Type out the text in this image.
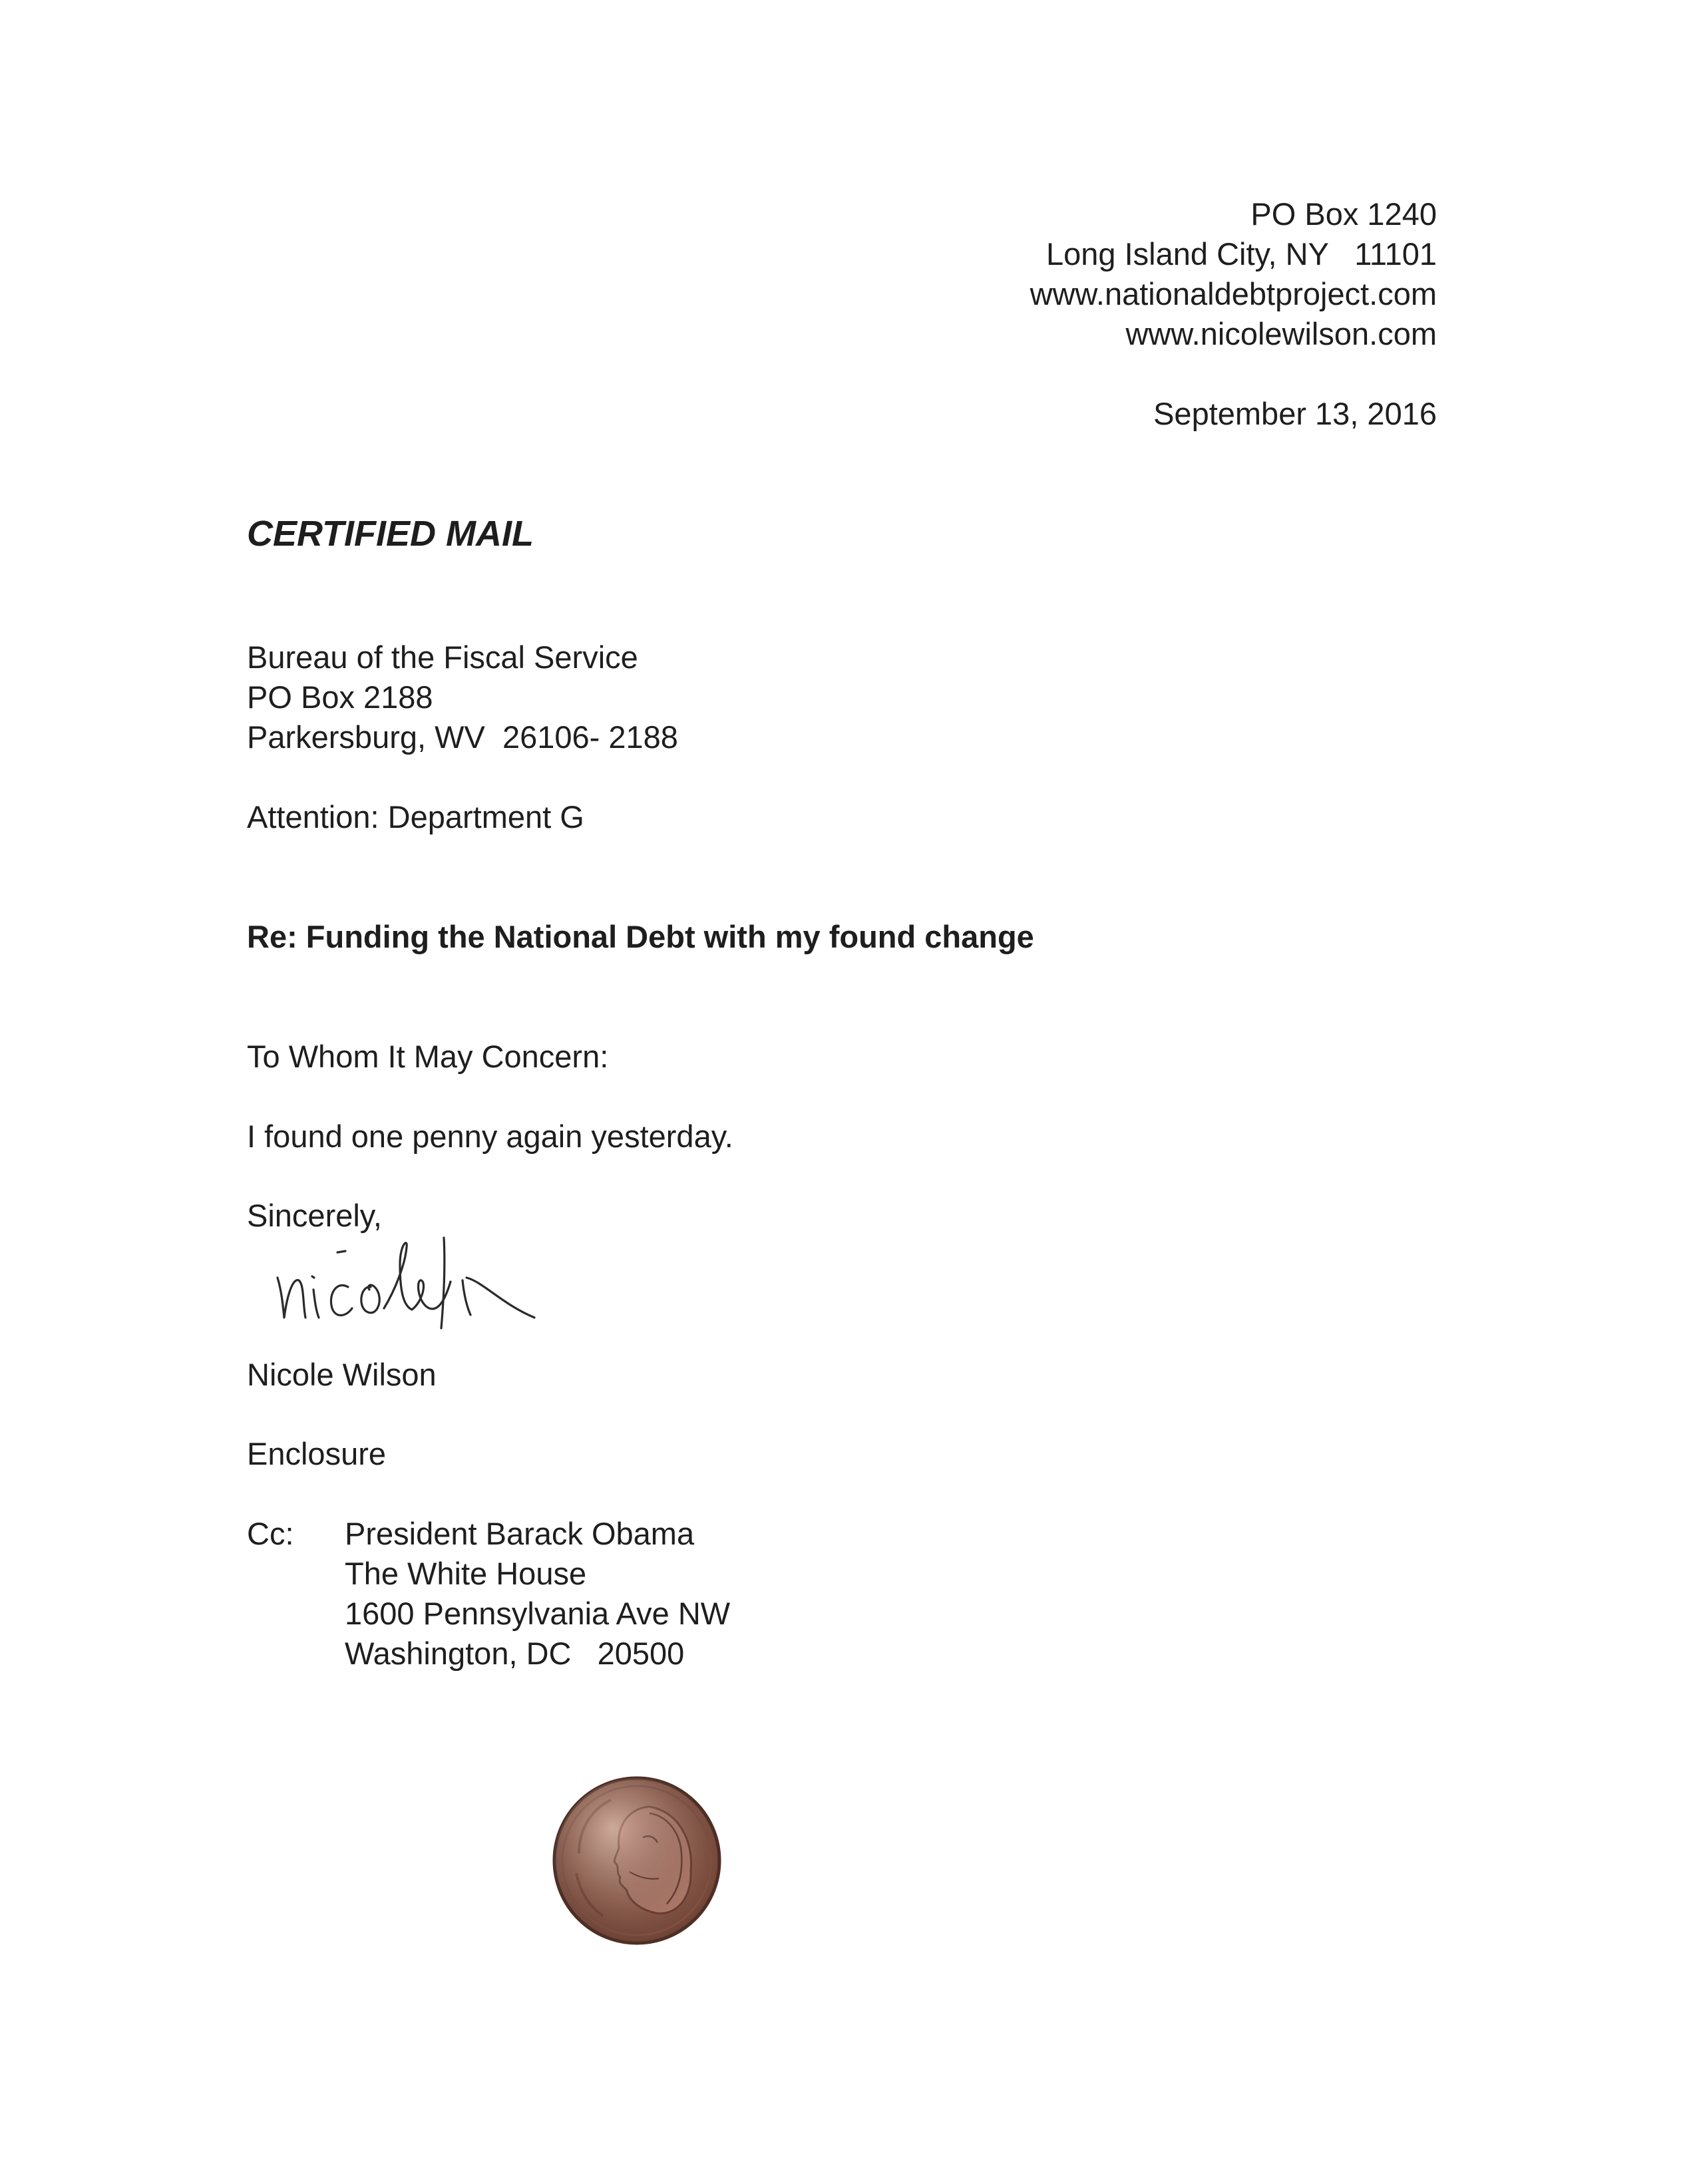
PO Box 1240
Long Island City, NY   11101
www.nationaldebtproject.com
www.nicolewilson.com
September 13, 2016
CERTIFIED MAIL
Bureau of the Fiscal Service
PO Box 2188
Parkersburg, WV  26106- 2188
Attention: Department G
Re: Funding the National Debt with my found change
To Whom It May Concern:
I found one penny again yesterday.
Sincerely,
Nicole Wilson
Enclosure
Cc: President Barack Obama
The White House
1600 Pennsylvania Ave NW
Washington, DC   20500
